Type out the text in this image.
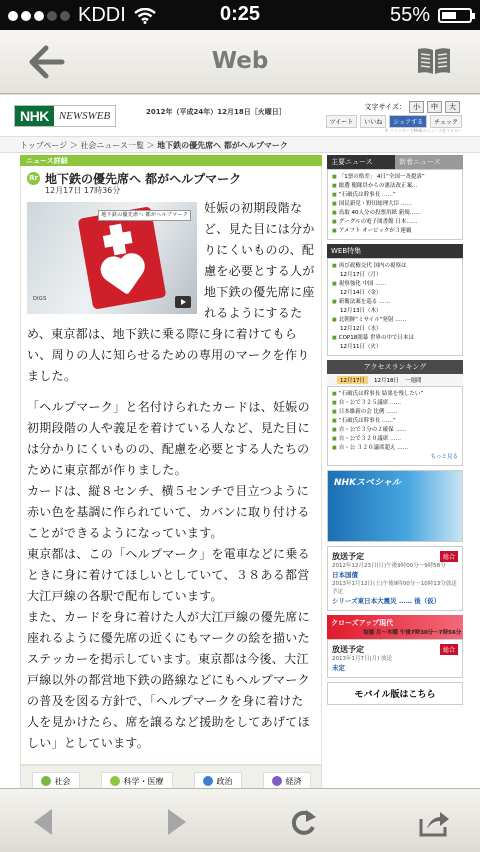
KDDI	0:25	55%
Web
NHK NEWSWEB	2012年（平成24年）12月18日［火曜日］
文字サイズ：	小	中	大
ツイート	いいね	シェアする	チェック
© ツイッターでNHKのニュースをフォロー
トップページ ＞ 社会ニュース一覧 ＞ 地下鉄の優先席へ 都がヘルプマーク
ニュース詳細
Rr 地下鉄の優先席へ 都がヘルプマーク
12月17日 17時36分
地下鉄の優先席へ 都がヘルプマーク
DIGS

妊娠の初期段階など、見た目には分かりにくいものの、配慮を必要とする人が地下鉄の優先席に座れるようにするため、東京都は、地下鉄に乗る際に身に着けてもらい、周りの人に知らせるための専用のマークを作りました。

「ヘルプマーク」と名付けられたカードは、妊娠の初期段階の人や義足を着けている人など、見た目には分かりにくいものの、配慮を必要とする人たちのために東京都が作りました。

カードは、縦８センチ、横５センチで目立つように赤い色を基調に作られていて、カバンに取り付けることができるようになっています。

東京都は、この「ヘルプマーク」を電車などに乗るときに身に着けてほしいとしていて、３８ある都営大江戸線の各駅で配布しています。

また、カードを身に着けた人が大江戸線の優先席に座れるように優先席の近くにもマークの絵を描いたステッカーを掲示しています。東京都は今後、大江戸線以外の都営地下鉄の路線などにもヘルプマークの普及を図る方針で、「ヘルプマークを身に着けた人を見かけたら、席を譲るなど援助をしてあげてほしい」としています。

社会	科学・医療	政治	経済
主要ニュース	新着ニュース
■ 「1票の格差」 4日“全国一斉提訴”
■ 総選 衛隊員からの憲法改正案…
■ “石破氏は幹事長 ……”
■ 国民新党・野田総理大臣 ……
■ 鳥取 40人分の投票用紙 新規……
■ グーグルの電子図書館 日本……
■ アメフト オービックが３連覇
WEB特集
■ 再び政権交代 国内の視察は
12月17日（月）
■ 視察強化 中国 ……
12月14日（金）
■ 新衛法案を巡る ……
12月13日（木）
■ 北朝鮮“ミサイル”発射 ……
12月12日（水）
■ COP18閉幕 世界の中で日本は
12月11日（火）
アクセスランキング
12月17日	12月18日 一週間
■ “石破氏は幹事長 結果を残したい”
■ 自・公で３２５議席 ……
■ 日本維新の会 比例 ……
■ “石破氏は幹事長 ……”
■ 自・公で３分の２確保 ……
■ 自・公で３２０議席 ……
■ 自・公 ３２０議席超え ……
もっと見る
NHKスペシャル
放送予定	総合
2012年12月23日(日)午後9時00分～9時58分
日本国債
2013年1月12日(土)午後9時00分～10時13分放送予定
シリーズ東日本大震災 …… 後（仮）
クローズアップ現代
毎週 月～木曜 午後7時30分～7時56分
放送予定	総合
2013年1月7日(月) 放送
未定
モバイル版はこちら
